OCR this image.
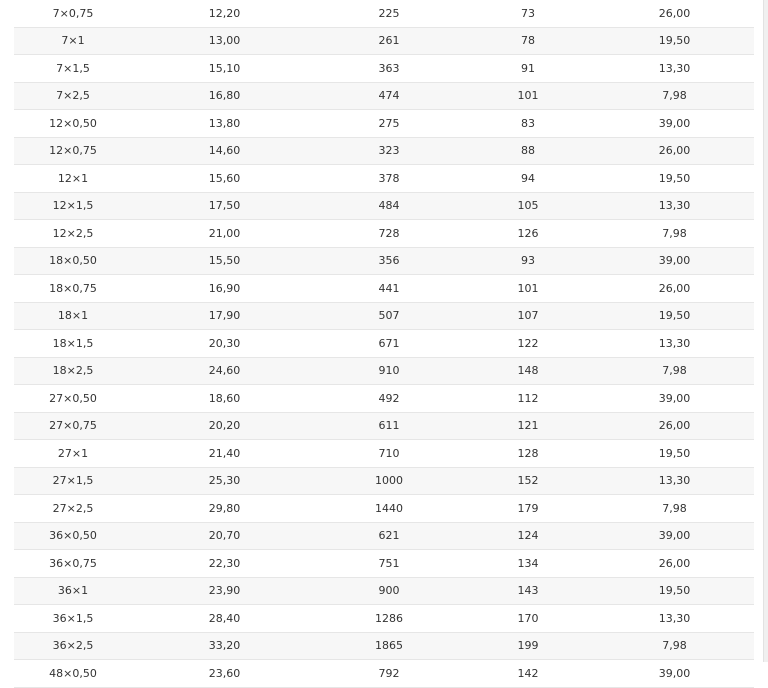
7×0,75	12,20	225	73	26,00
7×1	13,00	261	78	19,50
7×1,5	15,10	363	91	13,30
7×2,5	16,80	474	101	7,98
12×0,50	13,80	275	83	39,00
12×0,75	14,60	323	88	26,00
12×1	15,60	378	94	19,50
12×1,5	17,50	484	105	13,30
12×2,5	21,00	728	126	7,98
18×0,50	15,50	356	93	39,00
18×0,75	16,90	441	101	26,00
18×1	17,90	507	107	19,50
18×1,5	20,30	671	122	13,30
18×2,5	24,60	910	148	7,98
27×0,50	18,60	492	112	39,00
27×0,75	20,20	611	121	26,00
27×1	21,40	710	128	19,50
27×1,5	25,30	1000	152	13,30
27×2,5	29,80	1440	179	7,98
36×0,50	20,70	621	124	39,00
36×0,75	22,30	751	134	26,00
36×1	23,90	900	143	19,50
36×1,5	28,40	1286	170	13,30
36×2,5	33,20	1865	199	7,98
48×0,50	23,60	792	142	39,00
